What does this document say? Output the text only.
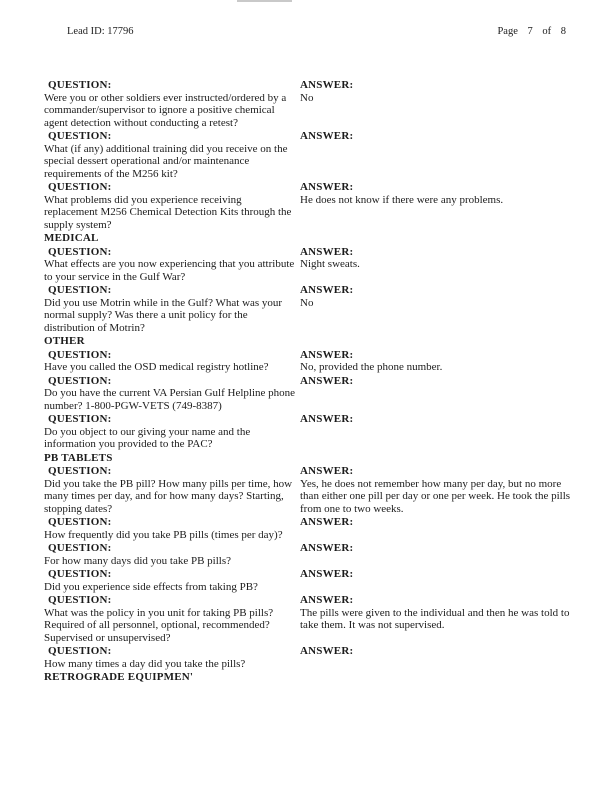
Lead ID: 17796	Page 7 of 8
QUESTION:
Were you or other soldiers ever instructed/ordered by a commander/supervisor to ignore a positive chemical agent detection without conducting a retest?
ANSWER:
No
QUESTION:
What (if any) additional training did you receive on the special dessert operational and/or maintenance requirements of the M256 kit?
ANSWER:
QUESTION:
What problems did you experience receiving replacement M256 Chemical Detection Kits through the supply system?
ANSWER:
He does not know if there were any problems.
MEDICAL
QUESTION:
What effects are you now experiencing that you attribute to your service in the Gulf War?
ANSWER:
Night sweats.
QUESTION:
Did you use Motrin while in the Gulf? What was your normal supply? Was there a unit policy for the distribution of Motrin?
ANSWER:
No
OTHER
QUESTION:
Have you called the OSD medical registry hotline?
ANSWER:
No, provided the phone number.
QUESTION:
Do you have the current VA Persian Gulf Helpline phone number? 1-800-PGW-VETS (749-8387)
ANSWER:
QUESTION:
Do you object to our giving your name and the information you provided to the PAC?
ANSWER:
PB TABLETS
QUESTION:
Did you take the PB pill? How many pills per time, how many times per day, and for how many days? Starting, stopping dates?
ANSWER:
Yes, he does not remember how many per day, but no more than either one pill per day or one per week. He took the pills from one to two weeks.
QUESTION:
How frequently did you take PB pills (times per day)?
ANSWER:
QUESTION:
For how many days did you take PB pills?
ANSWER:
QUESTION:
Did you experience side effects from taking PB?
ANSWER:
QUESTION:
What was the policy in you unit for taking PB pills? Required of all personnel, optional, recommended? Supervised or unsupervised?
ANSWER:
The pills were given to the individual and then he was told to take them. It was not supervised.
QUESTION:
How many times a day did you take the pills?
ANSWER:
RETROGRADE EQUIPMEN'
